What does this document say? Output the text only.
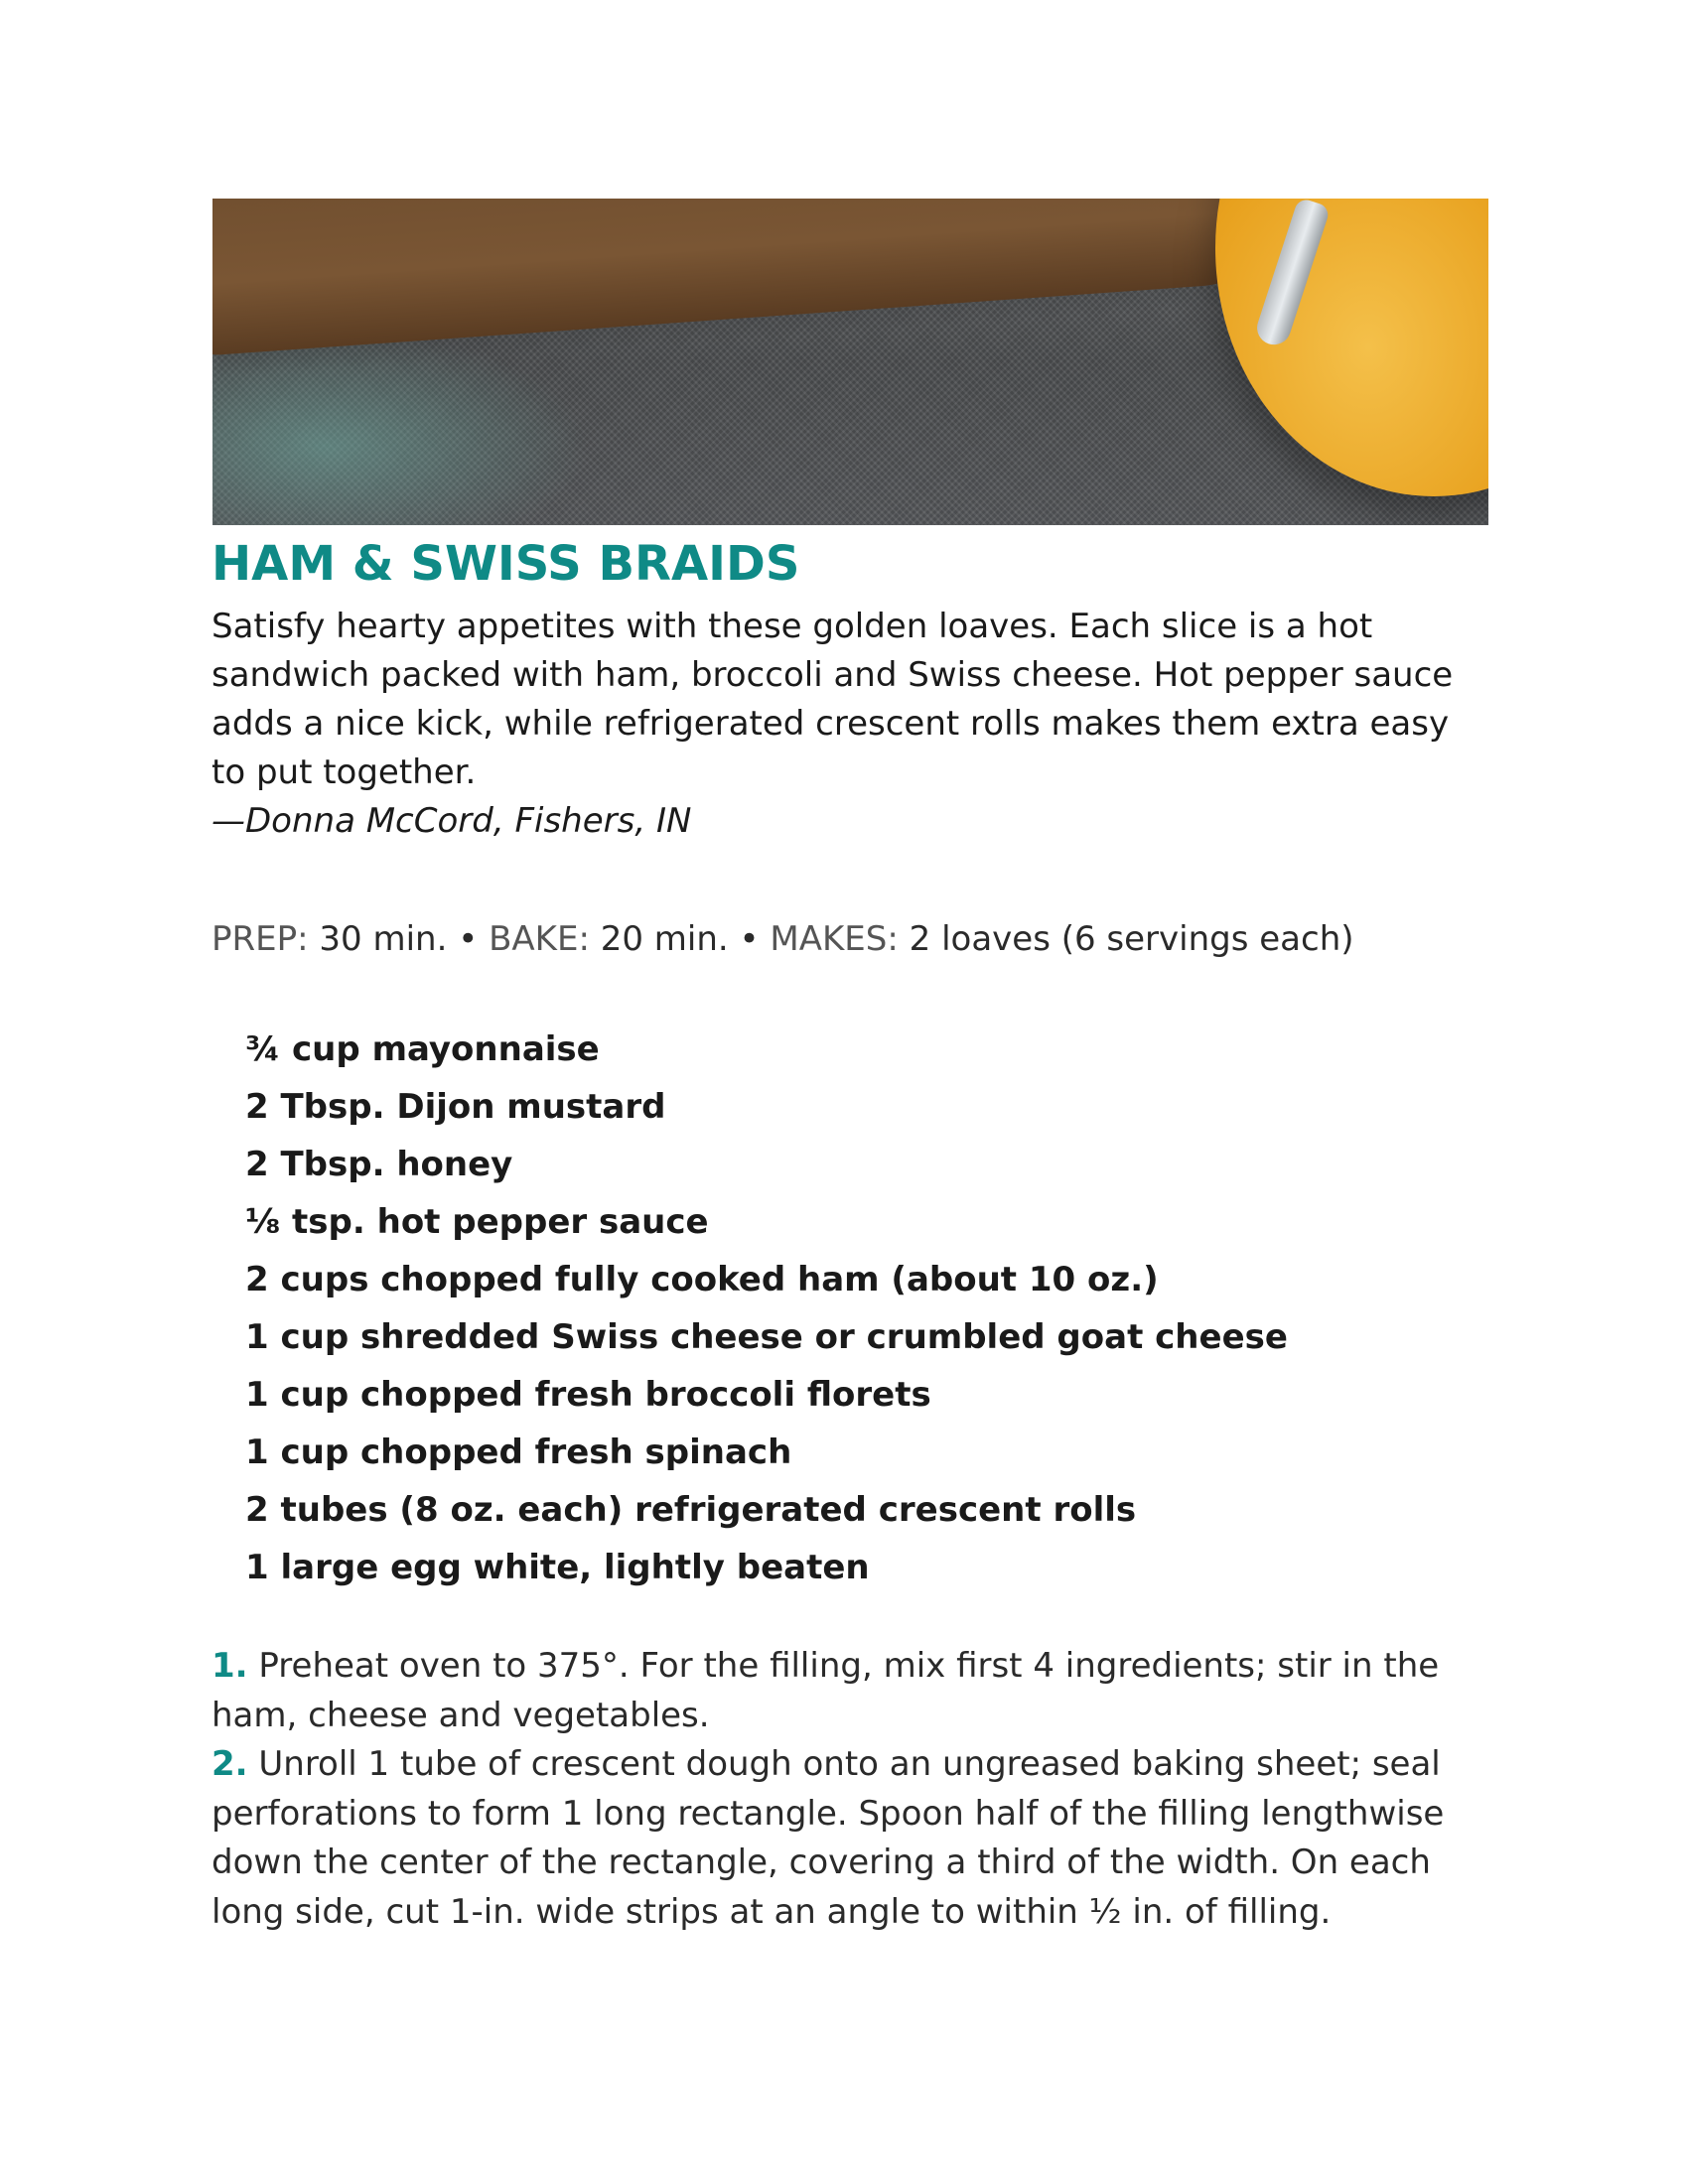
HAM & SWISS BRAIDS

Satisfy hearty appetites with these golden loaves. Each slice is a hot sandwich packed with ham, broccoli and Swiss cheese. Hot pepper sauce adds a nice kick, while refrigerated crescent rolls makes them extra easy to put together.

—Donna McCord, Fishers, IN

PREP: 30 min. • BAKE: 20 min. • MAKES: 2 loaves (6 servings each)

¾ cup mayonnaise
2 Tbsp. Dijon mustard
2 Tbsp. honey
⅛ tsp. hot pepper sauce
2 cups chopped fully cooked ham (about 10 oz.)
1 cup shredded Swiss cheese or crumbled goat cheese
1 cup chopped fresh broccoli florets
1 cup chopped fresh spinach
2 tubes (8 oz. each) refrigerated crescent rolls
1 large egg white, lightly beaten

1. Preheat oven to 375°. For the filling, mix first 4 ingredients; stir in the ham, cheese and vegetables.

2. Unroll 1 tube of crescent dough onto an ungreased baking sheet; seal perforations to form 1 long rectangle. Spoon half of the filling lengthwise down the center of the rectangle, covering a third of the width. On each long side, cut 1-in. wide strips at an angle to within ½ in. of filling.
